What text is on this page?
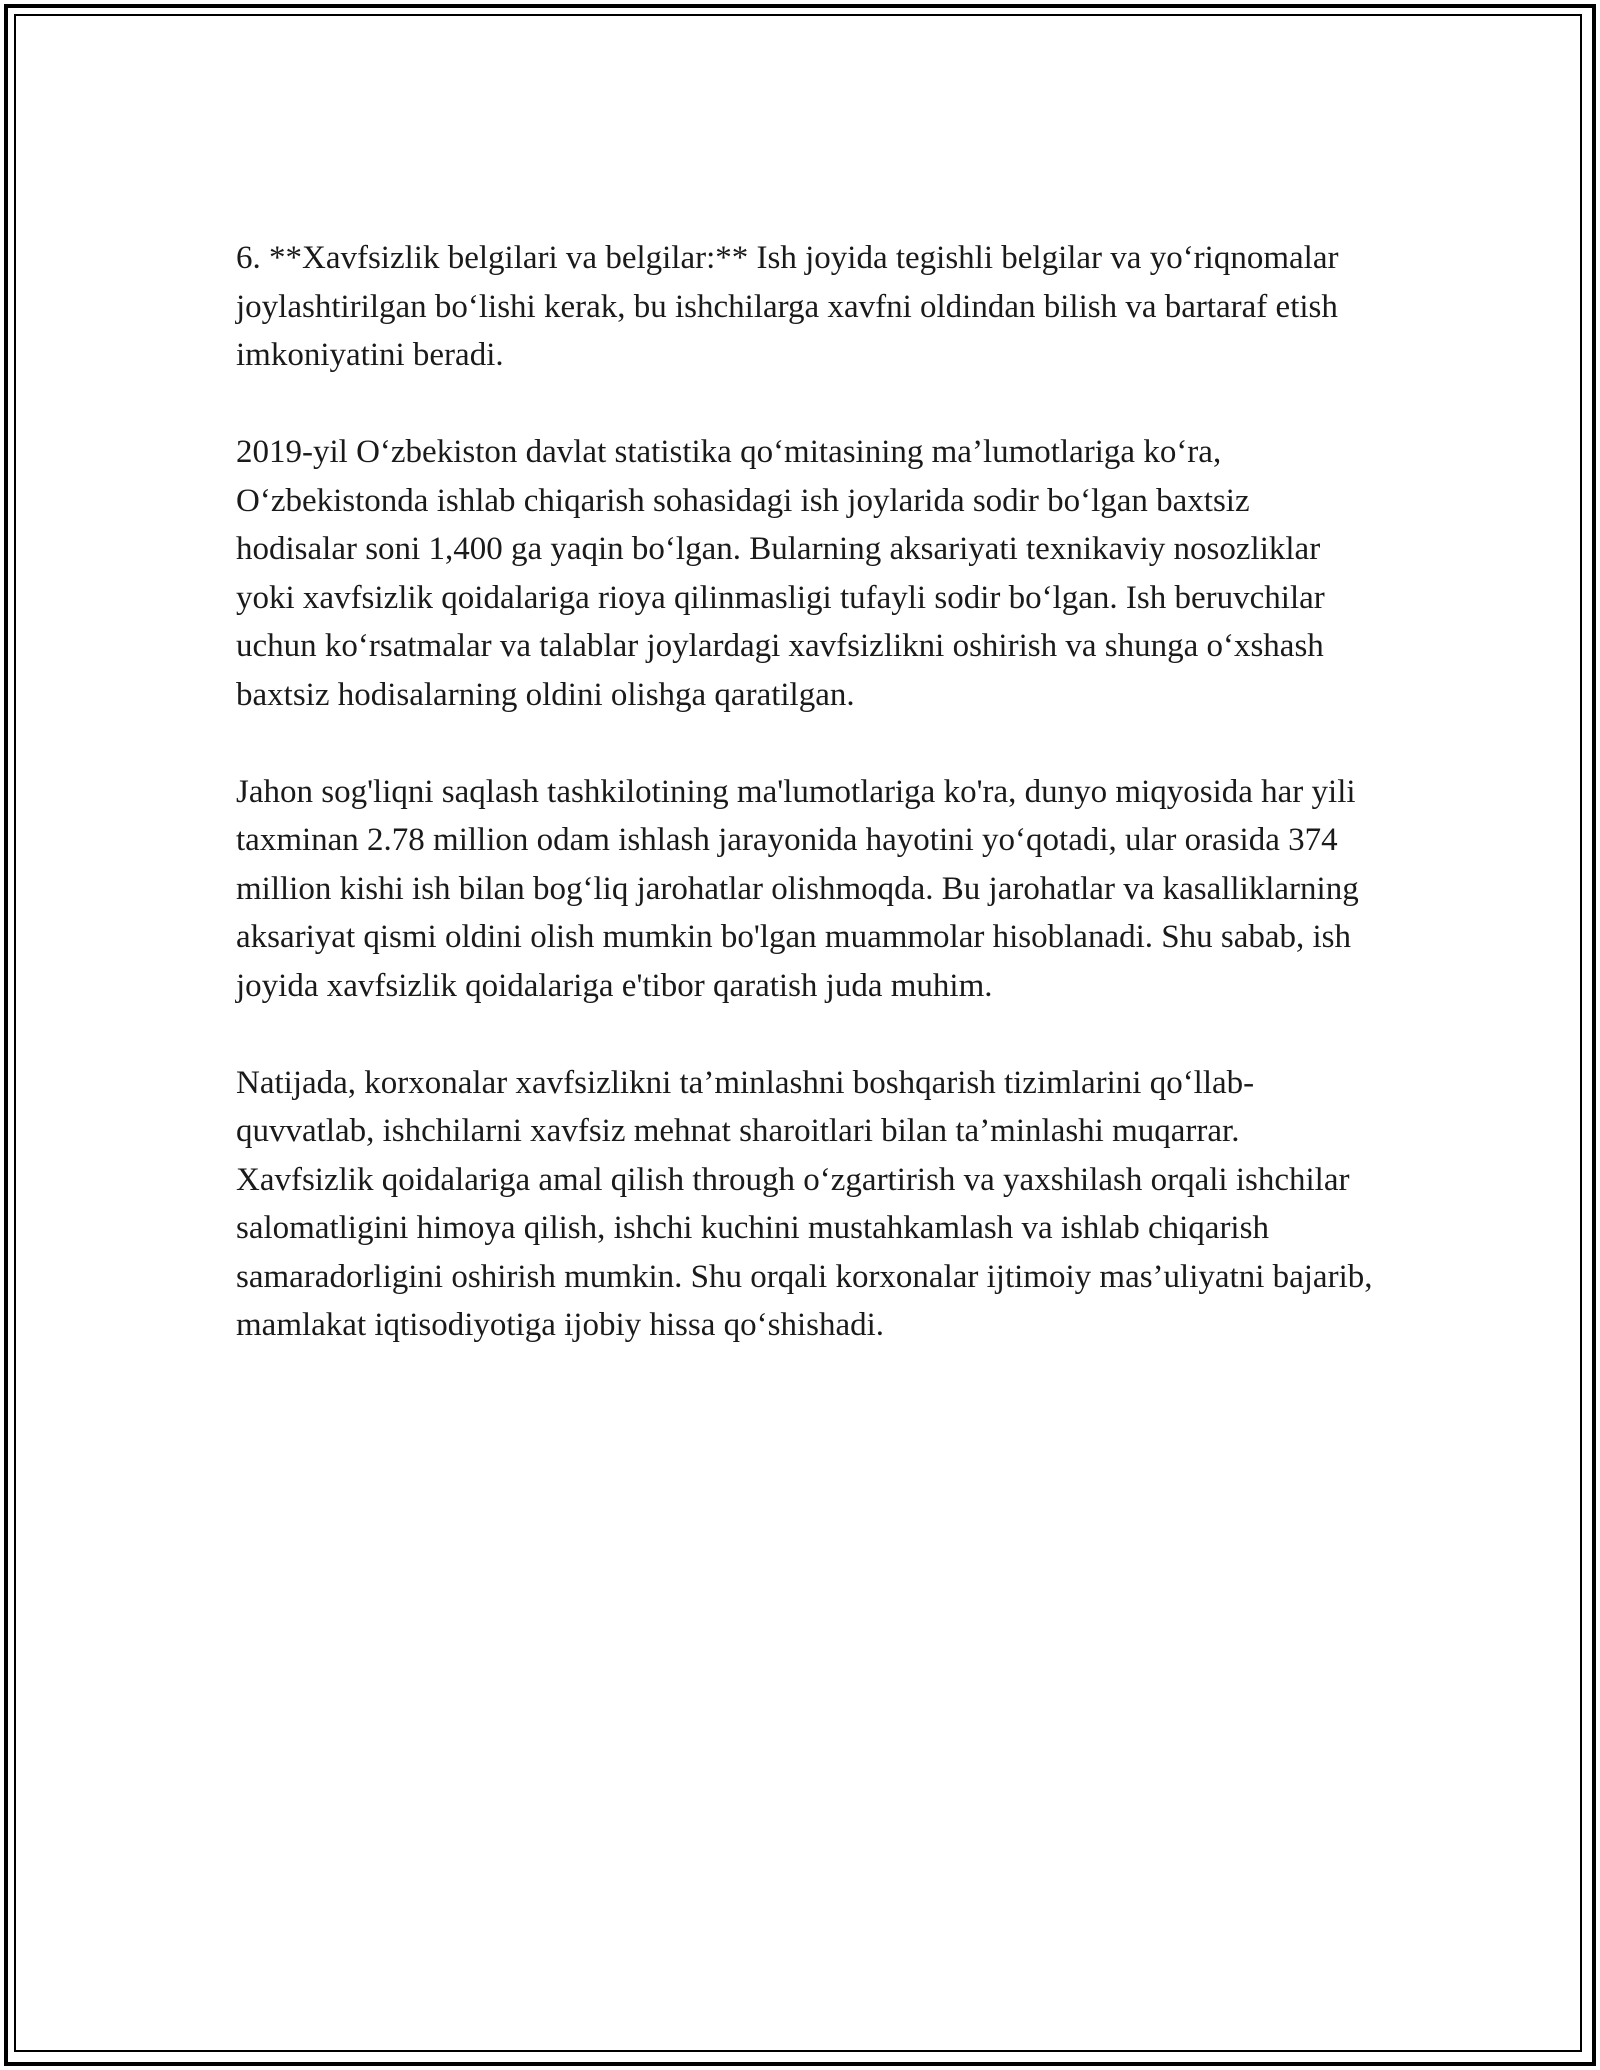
6. **Xavfsizlik belgilari va belgilar:** Ish joyida tegishli belgilar va yo‘riqnomalar joylashtirilgan bo‘lishi kerak, bu ishchilarga xavfni oldindan bilish va bartaraf etish imkoniyatini beradi.

2019-yil O‘zbekiston davlat statistika qo‘mitasining ma’lumotlariga ko‘ra, O‘zbekistonda ishlab chiqarish sohasidagi ish joylarida sodir bo‘lgan baxtsiz hodisalar soni 1,400 ga yaqin bo‘lgan. Bularning aksariyati texnikaviy nosozliklar yoki xavfsizlik qoidalariga rioya qilinmasligi tufayli sodir bo‘lgan. Ish beruvchilar uchun ko‘rsatmalar va talablar joylardagi xavfsizlikni oshirish va shunga o‘xshash baxtsiz hodisalarning oldini olishga qaratilgan.

Jahon sog'liqni saqlash tashkilotining ma'lumotlariga ko'ra, dunyo miqyosida har yili taxminan 2.78 million odam ishlash jarayonida hayotini yo‘qotadi, ular orasida 374 million kishi ish bilan bog‘liq jarohatlar olishmoqda. Bu jarohatlar va kasalliklarning aksariyat qismi oldini olish mumkin bo'lgan muammolar hisoblanadi. Shu sabab, ish joyida xavfsizlik qoidalariga e'tibor qaratish juda muhim.

Natijada, korxonalar xavfsizlikni ta’minlashni boshqarish tizimlarini qo‘llab-quvvatlab, ishchilarni xavfsiz mehnat sharoitlari bilan ta’minlashi muqarrar. Xavfsizlik qoidalariga amal qilish through o‘zgartirish va yaxshilash orqali ishchilar salomatligini himoya qilish, ishchi kuchini mustahkamlash va ishlab chiqarish samaradorligini oshirish mumkin. Shu orqali korxonalar ijtimoiy mas’uliyatni bajarib, mamlakat iqtisodiyotiga ijobiy hissa qo‘shishadi.
